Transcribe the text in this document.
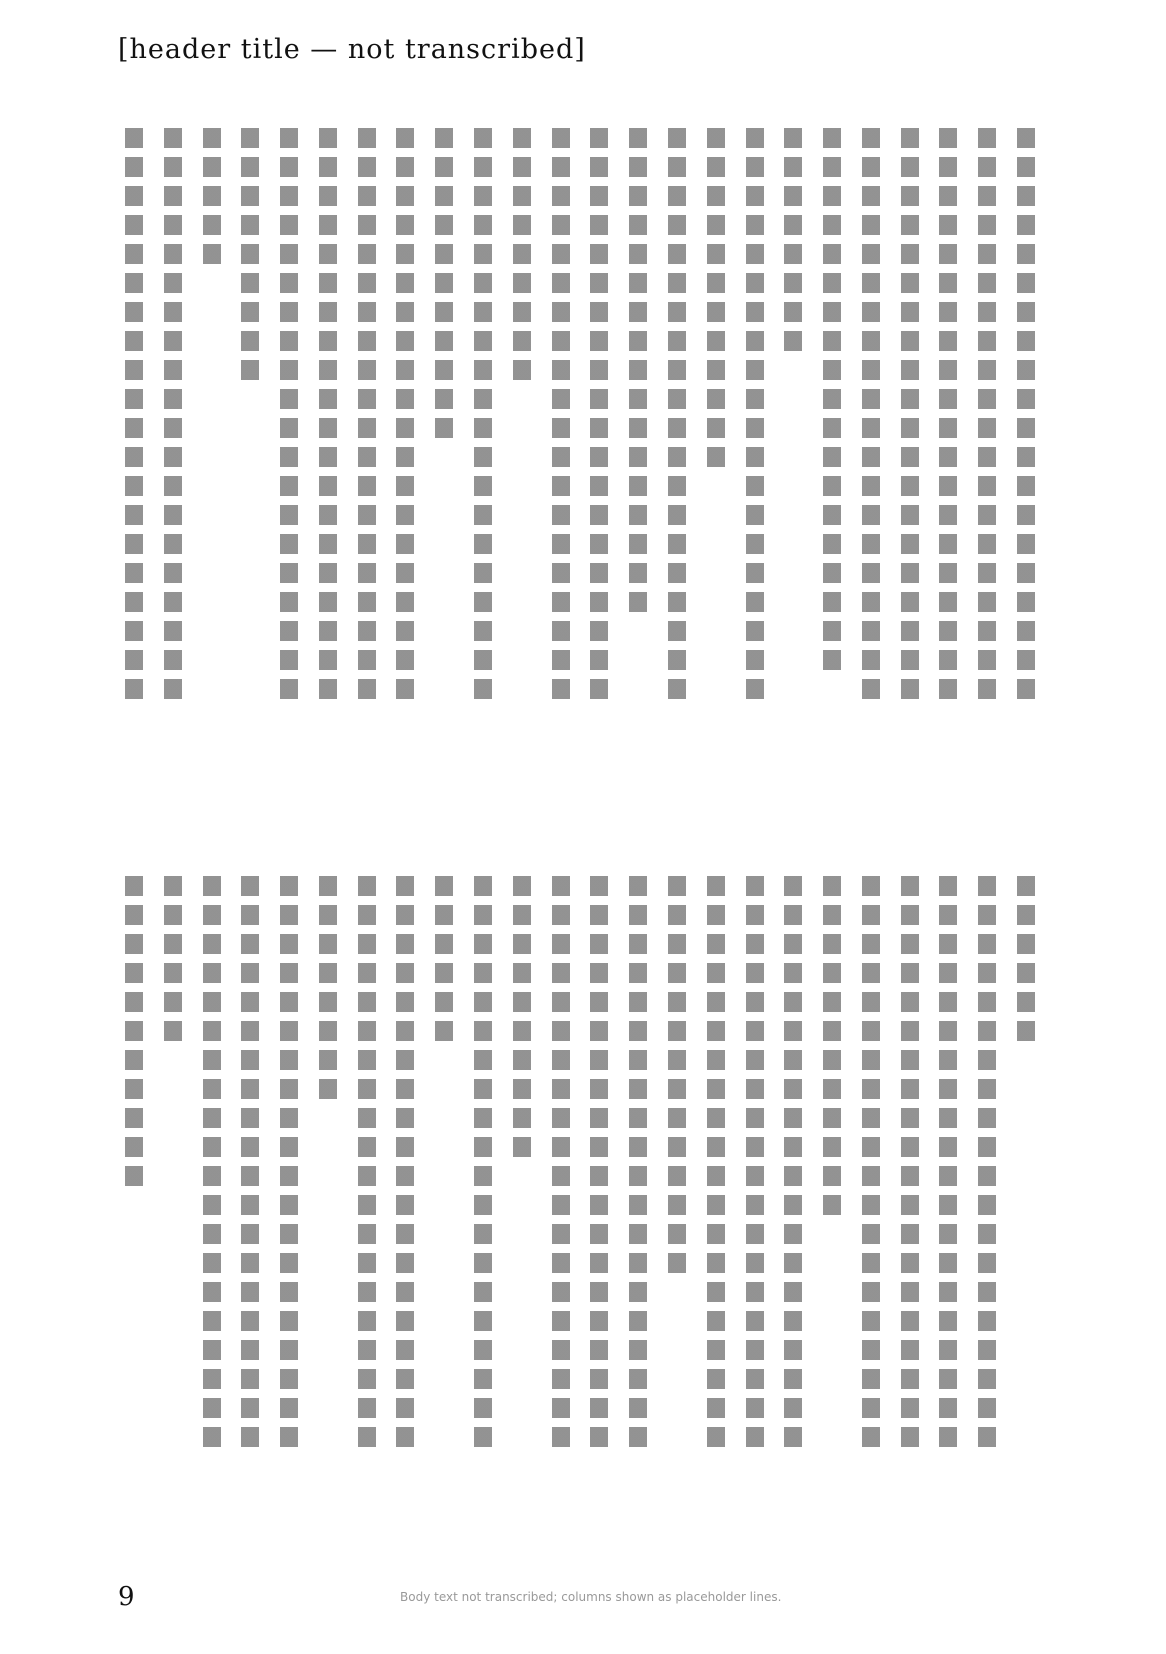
[header title — not transcribed]
9	Body text not transcribed; columns shown as placeholder lines.
